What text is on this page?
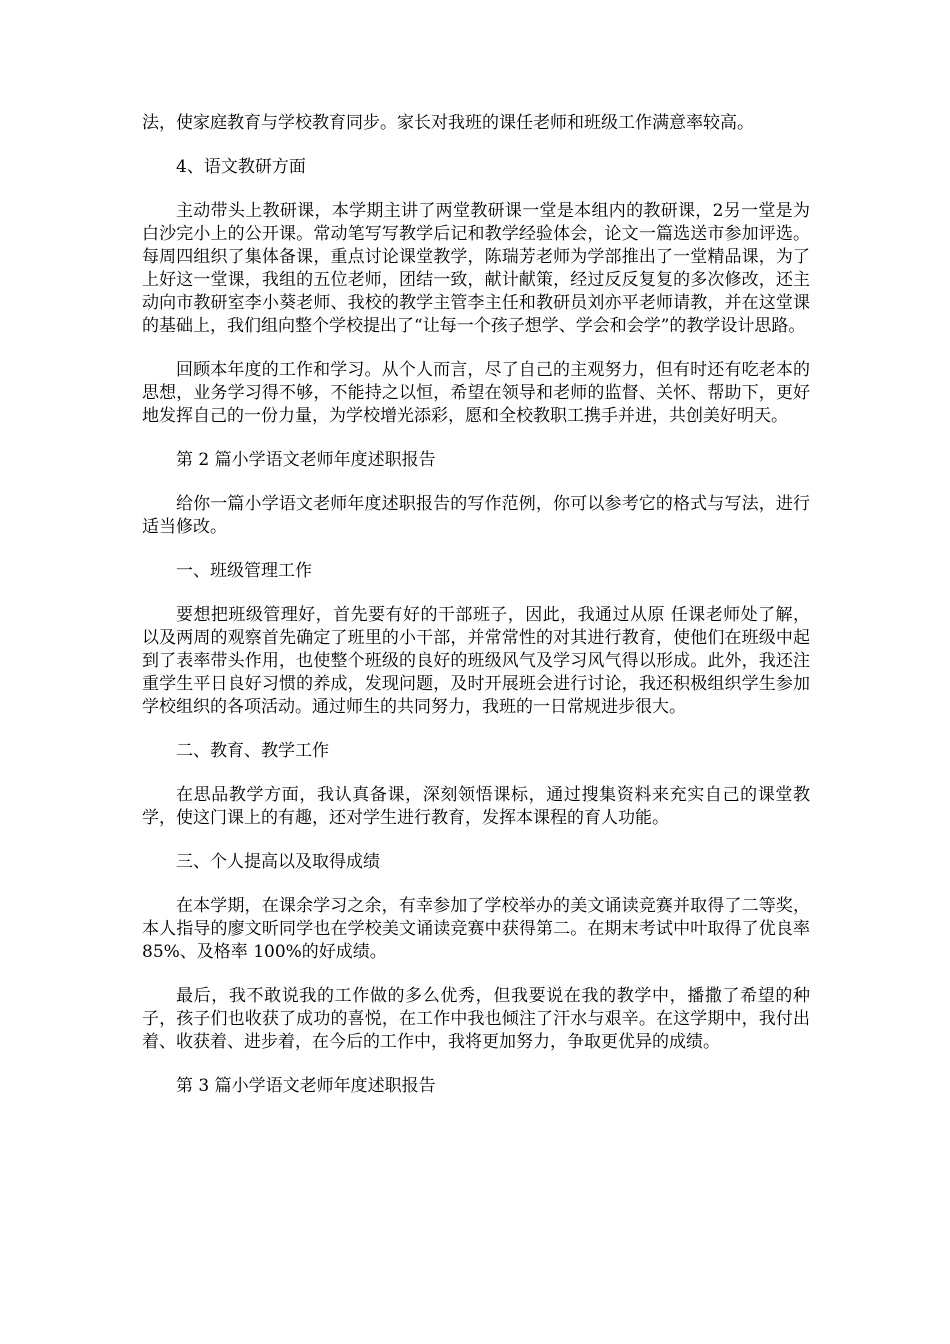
法，使家庭教育与学校教育同步。家长对我班的课任老师和班级工作满意率较高。

4、语文教研方面

主动带头上教研课，本学期主讲了两堂教研课一堂是本组内的教研课，2另一堂是为白沙完小上的公开课。常动笔写写教学后记和教学经验体会，论文一篇选送市参加评选。每周四组织了集体备课，重点讨论课堂教学，陈瑞芳老师为学部推出了一堂精品课，为了上好这一堂课，我组的五位老师，团结一致，献计献策，经过反反复复的多次修改，还主动向市教研室李小葵老师、我校的教学主管李主任和教研员刘亦平老师请教，并在这堂课的基础上，我们组向整个学校提出了“让每一个孩子想学、学会和会学”的教学设计思路。

回顾本年度的工作和学习。从个人而言，尽了自己的主观努力，但有时还有吃老本的思想，业务学习得不够，不能持之以恒，希望在领导和老师的监督、关怀、帮助下，更好地发挥自己的一份力量，为学校增光添彩，愿和全校教职工携手并进，共创美好明天。

第 2 篇小学语文老师年度述职报告

给你一篇小学语文老师年度述职报告的写作范例，你可以参考它的格式与写法，进行适当修改。

一、班级管理工作

要想把班级管理好，首先要有好的干部班子，因此，我通过从原 任课老师处了解，以及两周的观察首先确定了班里的小干部，并常常性的对其进行教育，使他们在班级中起到了表率带头作用，也使整个班级的良好的班级风气及学习风气得以形成。此外，我还注重学生平日良好习惯的养成，发现问题，及时开展班会进行讨论，我还积极组织学生参加学校组织的各项活动。通过师生的共同努力，我班的一日常规进步很大。

二、教育、教学工作

在思品教学方面，我认真备课，深刻领悟课标，通过搜集资料来充实自己的课堂教学，使这门课上的有趣，还对学生进行教育，发挥本课程的育人功能。

三、个人提高以及取得成绩

在本学期，在课余学习之余，有幸参加了学校举办的美文诵读竞赛并取得了二等奖，本人指导的廖文昕同学也在学校美文诵读竞赛中获得第二。在期末考试中叶取得了优良率 85%、及格率 100%的好成绩。

最后，我不敢说我的工作做的多么优秀，但我要说在我的教学中，播撒了希望的种子，孩子们也收获了成功的喜悦，在工作中我也倾注了汗水与艰辛。在这学期中，我付出着、收获着、进步着，在今后的工作中，我将更加努力，争取更优异的成绩。

第 3 篇小学语文老师年度述职报告
